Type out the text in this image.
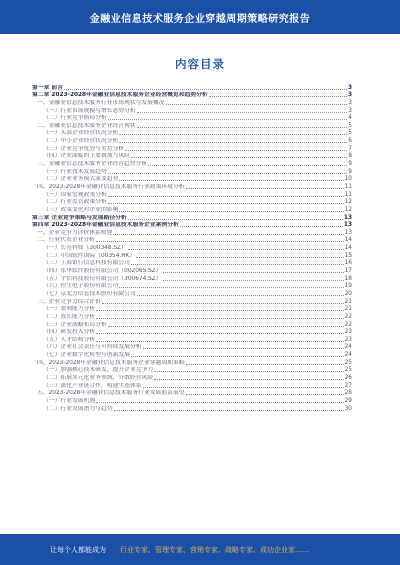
金融业信息技术服务企业穿越周期策略研究报告
内容目录
第一章 前言	3
第二章 2023-2028年金融业信息技术服务企业经营概览和趋势分析	3
一、金融业信息技术服务行业市场现状与发展概况	3
（一）行业市场规模与增长态势分析	3
（二）行业竞争格局分析	4
二、金融业信息技术服务企业经营现状	5
（一）头部企业经营状况分析	5
（二）中小企业经营状况分析	6
（三）企业竞争优势与劣势分析	7
（四）企业面临的主要挑战与风险	8
三、金融业信息技术服务企业经营趋势分析	9
（一）行业技术发展趋势	9
（二）企业业务模式演变趋势	10
四、2023-2028年金融业信息技术服务行业政策环境分析	11
（一）国家宏观政策分析	11
（二）行业监管政策分析	12
（三）政策变化对企业的影响	12
第三章 企业竞争策略与发展路径分析	13
第四章 2023-2028年金融业信息技术服务企业案例分析	13
一、企业竞争力评价体系构建	13
二、行业代表企业分析	14
（一）长亮科技（300348.SZ）	14
（二）中国软件国际（00354.HK）	15
（三）上海银行信息科技有限公司	16
（四）东华软件股份有限公司（002065.SZ）	17
（五）宇信科技股份有限公司（300674.SZ）	18
（六）恒生电子股份有限公司	19
（七）京北方信息技术股份有限公司	20
三、企业竞争力综合评价	21
（一）盈利能力分析	21
（二）成长能力分析	22
（三）企业战略布局分析	22
（四）研发投入分析	23
（五）人才结构分析	23
（六）企业社会责任与可持续发展分析	24
（七）企业数字化转型与创新发展	24
四、2023-2028年金融业信息技术服务企业穿越周期策略	25
（一）加强核心技术研发，提升企业竞争力	25
（二）拓展多元化业务领域，分散经营风险	26
（三）深化产业链合作，构建生态体系	27
五、2023-2028年金融业信息技术服务行业发展前景展望	28
（一）行业发展机遇	29
（二）行业发展潜力与趋势	30
让每个人都能成为 行业专家、管理专家、营销专家、战略专家、成功企业家……
